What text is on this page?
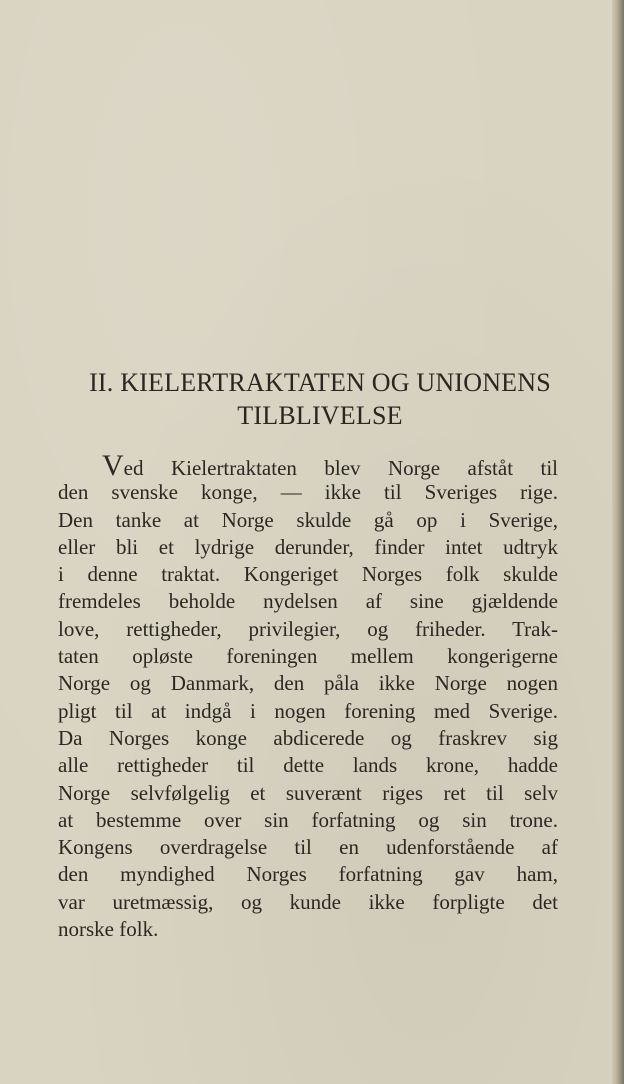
II. KIELERTRAKTATEN OG UNIONENS
TILBLIVELSE
Ved Kielertraktaten blev Norge afståt til
den svenske konge, — ikke til Sveriges rige.
Den tanke at Norge skulde gå op i Sverige,
eller bli et lydrige derunder, finder intet udtryk
i denne traktat. Kongeriget Norges folk skulde
fremdeles beholde nydelsen af sine gjældende
love, rettigheder, privilegier, og friheder. Trak-
taten opløste foreningen mellem kongerigerne
Norge og Danmark, den påla ikke Norge nogen
pligt til at indgå i nogen forening med Sverige.
Da Norges konge abdicerede og fraskrev sig
alle rettigheder til dette lands krone, hadde
Norge selvfølgelig et suverænt riges ret til selv
at bestemme over sin forfatning og sin trone.
Kongens overdragelse til en udenforstående af
den myndighed Norges forfatning gav ham,
var uretmæssig, og kunde ikke forpligte det
norske folk.
